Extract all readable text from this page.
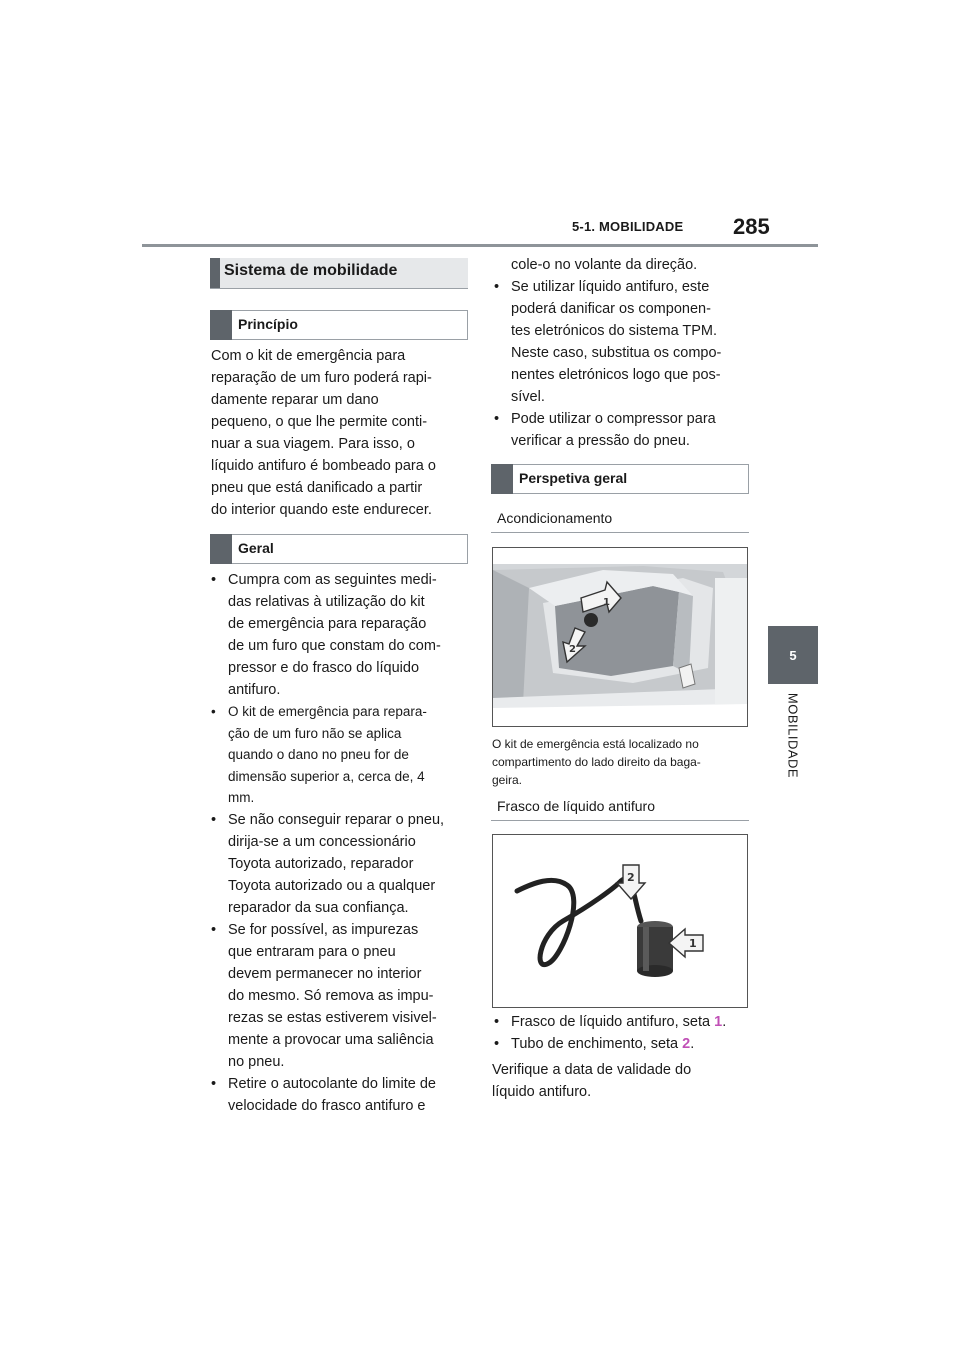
5-1. MOBILIDADE 285
5
MOBILIDADE
Sistema de mobilidade
Princípio
Com o kit de emergência para
reparação de um furo poderá rapi-
damente reparar um dano
pequeno, o que lhe permite conti-
nuar a sua viagem. Para isso, o
líquido antifuro é bombeado para o
pneu que está danificado a partir
do interior quando este endurecer.
Geral
• Cumpra com as seguintes medi-
das relativas à utilização do kit
de emergência para reparação
de um furo que constam do com-
pressor e do frasco do líquido
antifuro.
• O kit de emergência para repara-
ção de um furo não se aplica
quando o dano no pneu for de
dimensão superior a, cerca de, 4
mm.
• Se não conseguir reparar o pneu,
dirija-se a um concessionário
Toyota autorizado, reparador
Toyota autorizado ou a qualquer
reparador da sua confiança.
• Se for possível, as impurezas
que entraram para o pneu
devem permanecer no interior
do mesmo. Só remova as impu-
rezas se estas estiverem visivel-
mente a provocar uma saliência
no pneu.
• Retire o autocolante do limite de
velocidade do frasco antifuro e
cole-o no volante da direção.
• Se utilizar líquido antifuro, este
poderá danificar os componen-
tes eletrónicos do sistema TPM.
Neste caso, substitua os compo-
nentes eletrónicos logo que pos-
sível.
• Pode utilizar o compressor para
verificar a pressão do pneu.
Perspetiva geral
Acondicionamento
1
2
O kit de emergência está localizado no
compartimento do lado direito da baga-
geira.
Frasco de líquido antifuro
2
1
• Frasco de líquido antifuro, seta 1.
• Tubo de enchimento, seta 2.
Verifique a data de validade do
líquido antifuro.
